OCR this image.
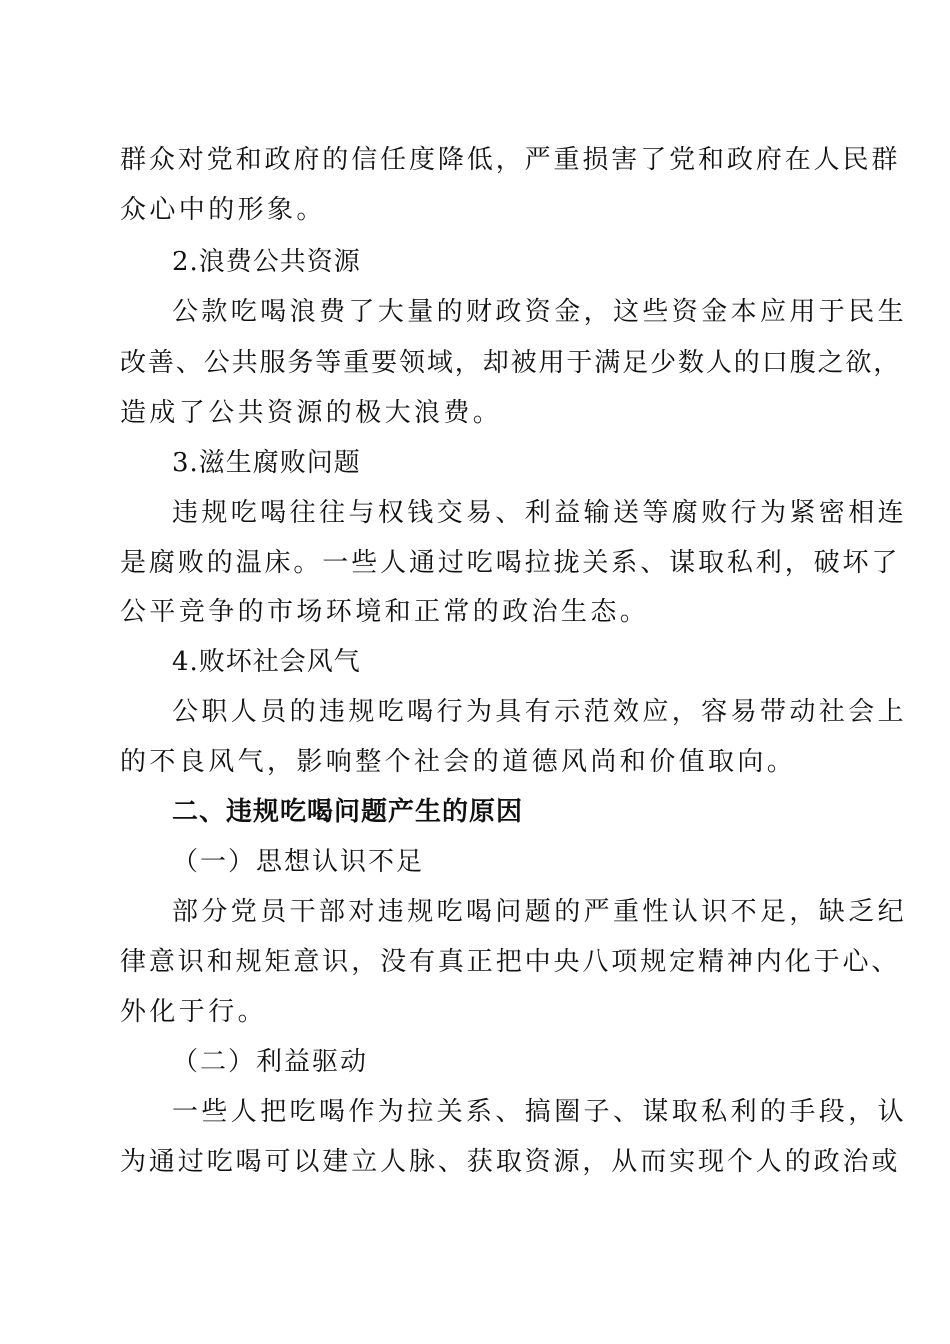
群众对党和政府的信任度降低，严重损害了党和政府在人民群
众心中的形象。
2.浪费公共资源
公款吃喝浪费了大量的财政资金，这些资金本应用于民生
改善、公共服务等重要领域，却被用于满足少数人的口腹之欲，
造成了公共资源的极大浪费。
3.滋生腐败问题
违规吃喝往往与权钱交易、利益输送等腐败行为紧密相连
是腐败的温床。一些人通过吃喝拉拢关系、谋取私利，破坏了
公平竞争的市场环境和正常的政治生态。
4.败坏社会风气
公职人员的违规吃喝行为具有示范效应，容易带动社会上
的不良风气，影响整个社会的道德风尚和价值取向。
二、违规吃喝问题产生的原因
（一）思想认识不足
部分党员干部对违规吃喝问题的严重性认识不足，缺乏纪
律意识和规矩意识，没有真正把中央八项规定精神内化于心、
外化于行。
（二）利益驱动
一些人把吃喝作为拉关系、搞圈子、谋取私利的手段，认
为通过吃喝可以建立人脉、获取资源，从而实现个人的政治或
